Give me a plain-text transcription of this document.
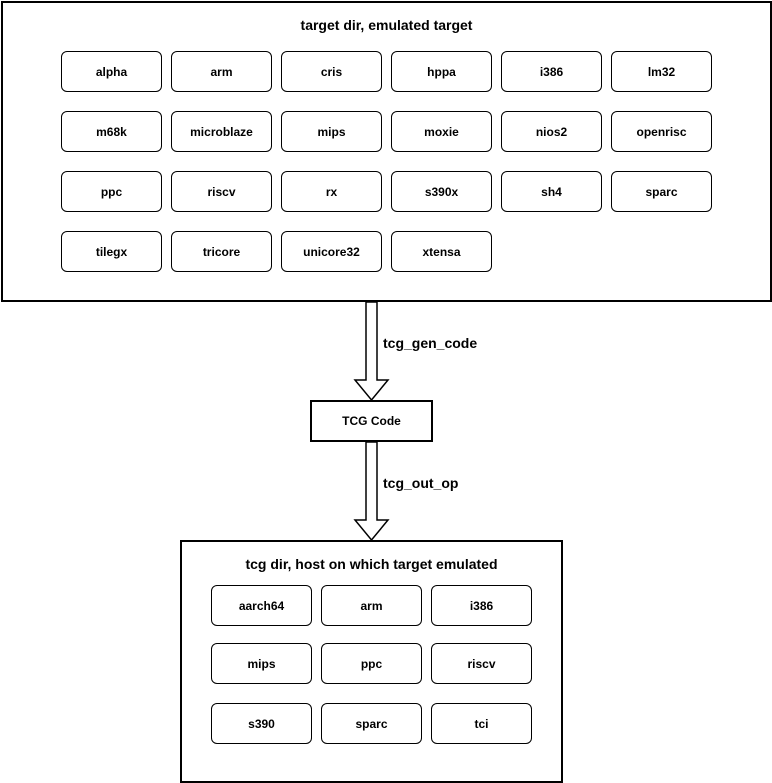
target dir, emulated target
alpha	arm	cris	hppa	i386	lm32
m68k	microblaze	mips	moxie	nios2	openrisc
ppc	riscv	rx	s390x	sh4	sparc
tilegx	tricore	unicore32	xtensa
tcg_gen_code
TCG Code
tcg_out_op
tcg dir, host on which target emulated
aarch64	arm	i386
mips	ppc	riscv
s390	sparc	tci
